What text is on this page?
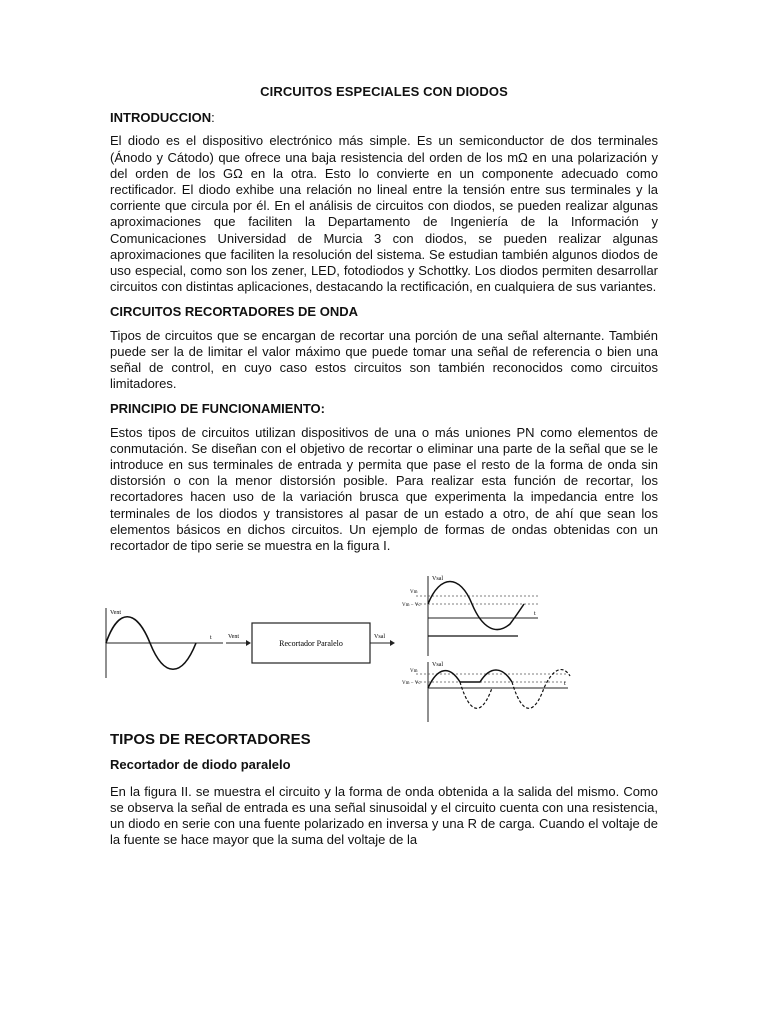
CIRCUITOS ESPECIALES CON DIODOS
INTRODUCCION:

El diodo es el dispositivo electrónico más simple. Es un semiconductor de dos terminales (Ánodo y Cátodo) que ofrece una baja resistencia del orden de los mΩ en una polarización y del orden de los GΩ en la otra. Esto lo convierte en un componente adecuado como rectificador. El diodo exhibe una relación no lineal entre la tensión entre sus terminales y la corriente que circula por él. En el análisis de circuitos con diodos, se pueden realizar algunas aproximaciones que faciliten la Departamento de Ingeniería de la Información y Comunicaciones Universidad de Murcia 3 con diodos, se pueden realizar algunas aproximaciones que faciliten la resolución del sistema. Se estudian también algunos diodos de uso especial, como son los zener, LED, fotodiodos y Schottky. Los diodos permiten desarrollar circuitos con distintas aplicaciones, destacando la rectificación, en cualquiera de sus variantes.

CIRCUITOS RECORTADORES DE ONDA

Tipos de circuitos que se encargan de recortar una porción de una señal alternante. También puede ser la de limitar el valor máximo que puede tomar una señal de referencia o bien una señal de control, en cuyo caso estos circuitos son también reconocidos como circuitos limitadores.

PRINCIPIO DE FUNCIONAMIENTO:

Estos tipos de circuitos utilizan dispositivos de una o más uniones PN como elementos de conmutación. Se diseñan con el objetivo de recortar o eliminar una parte de la señal que se le introduce en sus terminales de entrada y permita que pase el resto de la forma de onda sin distorsión o con la menor distorsión posible. Para realizar esta función de recortar, los recortadores hacen uso de la variación brusca que experimenta la impedancia entre los terminales de los diodos y transistores al pasar de un estado a otro, de ahí que sean los elementos básicos en dichos circuitos. Un ejemplo de formas de ondas obtenidas con un recortador de tipo serie se muestra en la figura I.

Vent
t	Vent
Recortador Paralelo
Vsal
Vsal
Vm
Vm − Vc
t
Vsal
Vm
Vm − Vc	t
TIPOS DE RECORTADORES
Recortador de diodo paralelo

En la figura II. se muestra el circuito y la forma de onda obtenida a la salida del mismo. Como se observa la señal de entrada es una señal sinusoidal y el circuito cuenta con una resistencia, un diodo en serie con una fuente polarizado en inversa y una R de carga. Cuando el voltaje de la fuente se hace mayor que la suma del voltaje de la
